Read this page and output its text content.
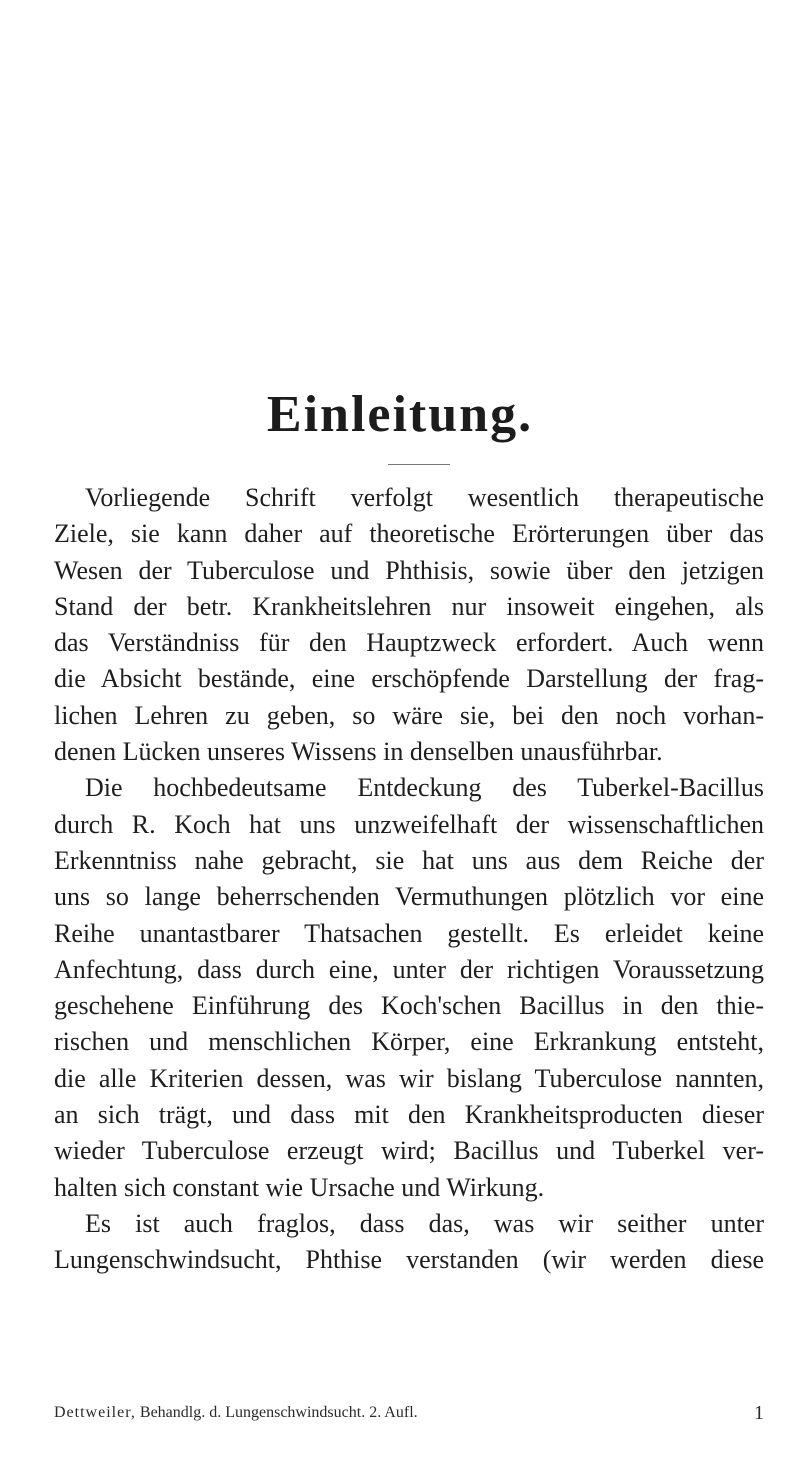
Einleitung.
Vorliegende Schrift verfolgt wesentlich therapeutische
Ziele, sie kann daher auf theoretische Erörterungen über das
Wesen der Tuberculose und Phthisis, sowie über den jetzigen
Stand der betr. Krankheitslehren nur insoweit eingehen, als
das Verständniss für den Hauptzweck erfordert. Auch wenn
die Absicht bestände, eine erschöpfende Darstellung der frag-
lichen Lehren zu geben, so wäre sie, bei den noch vorhan-
denen Lücken unseres Wissens in denselben unausführbar.
Die hochbedeutsame Entdeckung des Tuberkel-Bacillus
durch R. Koch hat uns unzweifelhaft der wissenschaftlichen
Erkenntniss nahe gebracht, sie hat uns aus dem Reiche der
uns so lange beherrschenden Vermuthungen plötzlich vor eine
Reihe unantastbarer Thatsachen gestellt. Es erleidet keine
Anfechtung, dass durch eine, unter der richtigen Voraussetzung
geschehene Einführung des Koch'schen Bacillus in den thie-
rischen und menschlichen Körper, eine Erkrankung entsteht,
die alle Kriterien dessen, was wir bislang Tuberculose nannten,
an sich trägt, und dass mit den Krankheitsproducten dieser
wieder Tuberculose erzeugt wird; Bacillus und Tuberkel ver-
halten sich constant wie Ursache und Wirkung.
Es ist auch fraglos, dass das, was wir seither unter
Lungenschwindsucht, Phthise verstanden (wir werden diese
Dettweiler, Behandlg. d. Lungenschwindsucht. 2. Aufl.	1
